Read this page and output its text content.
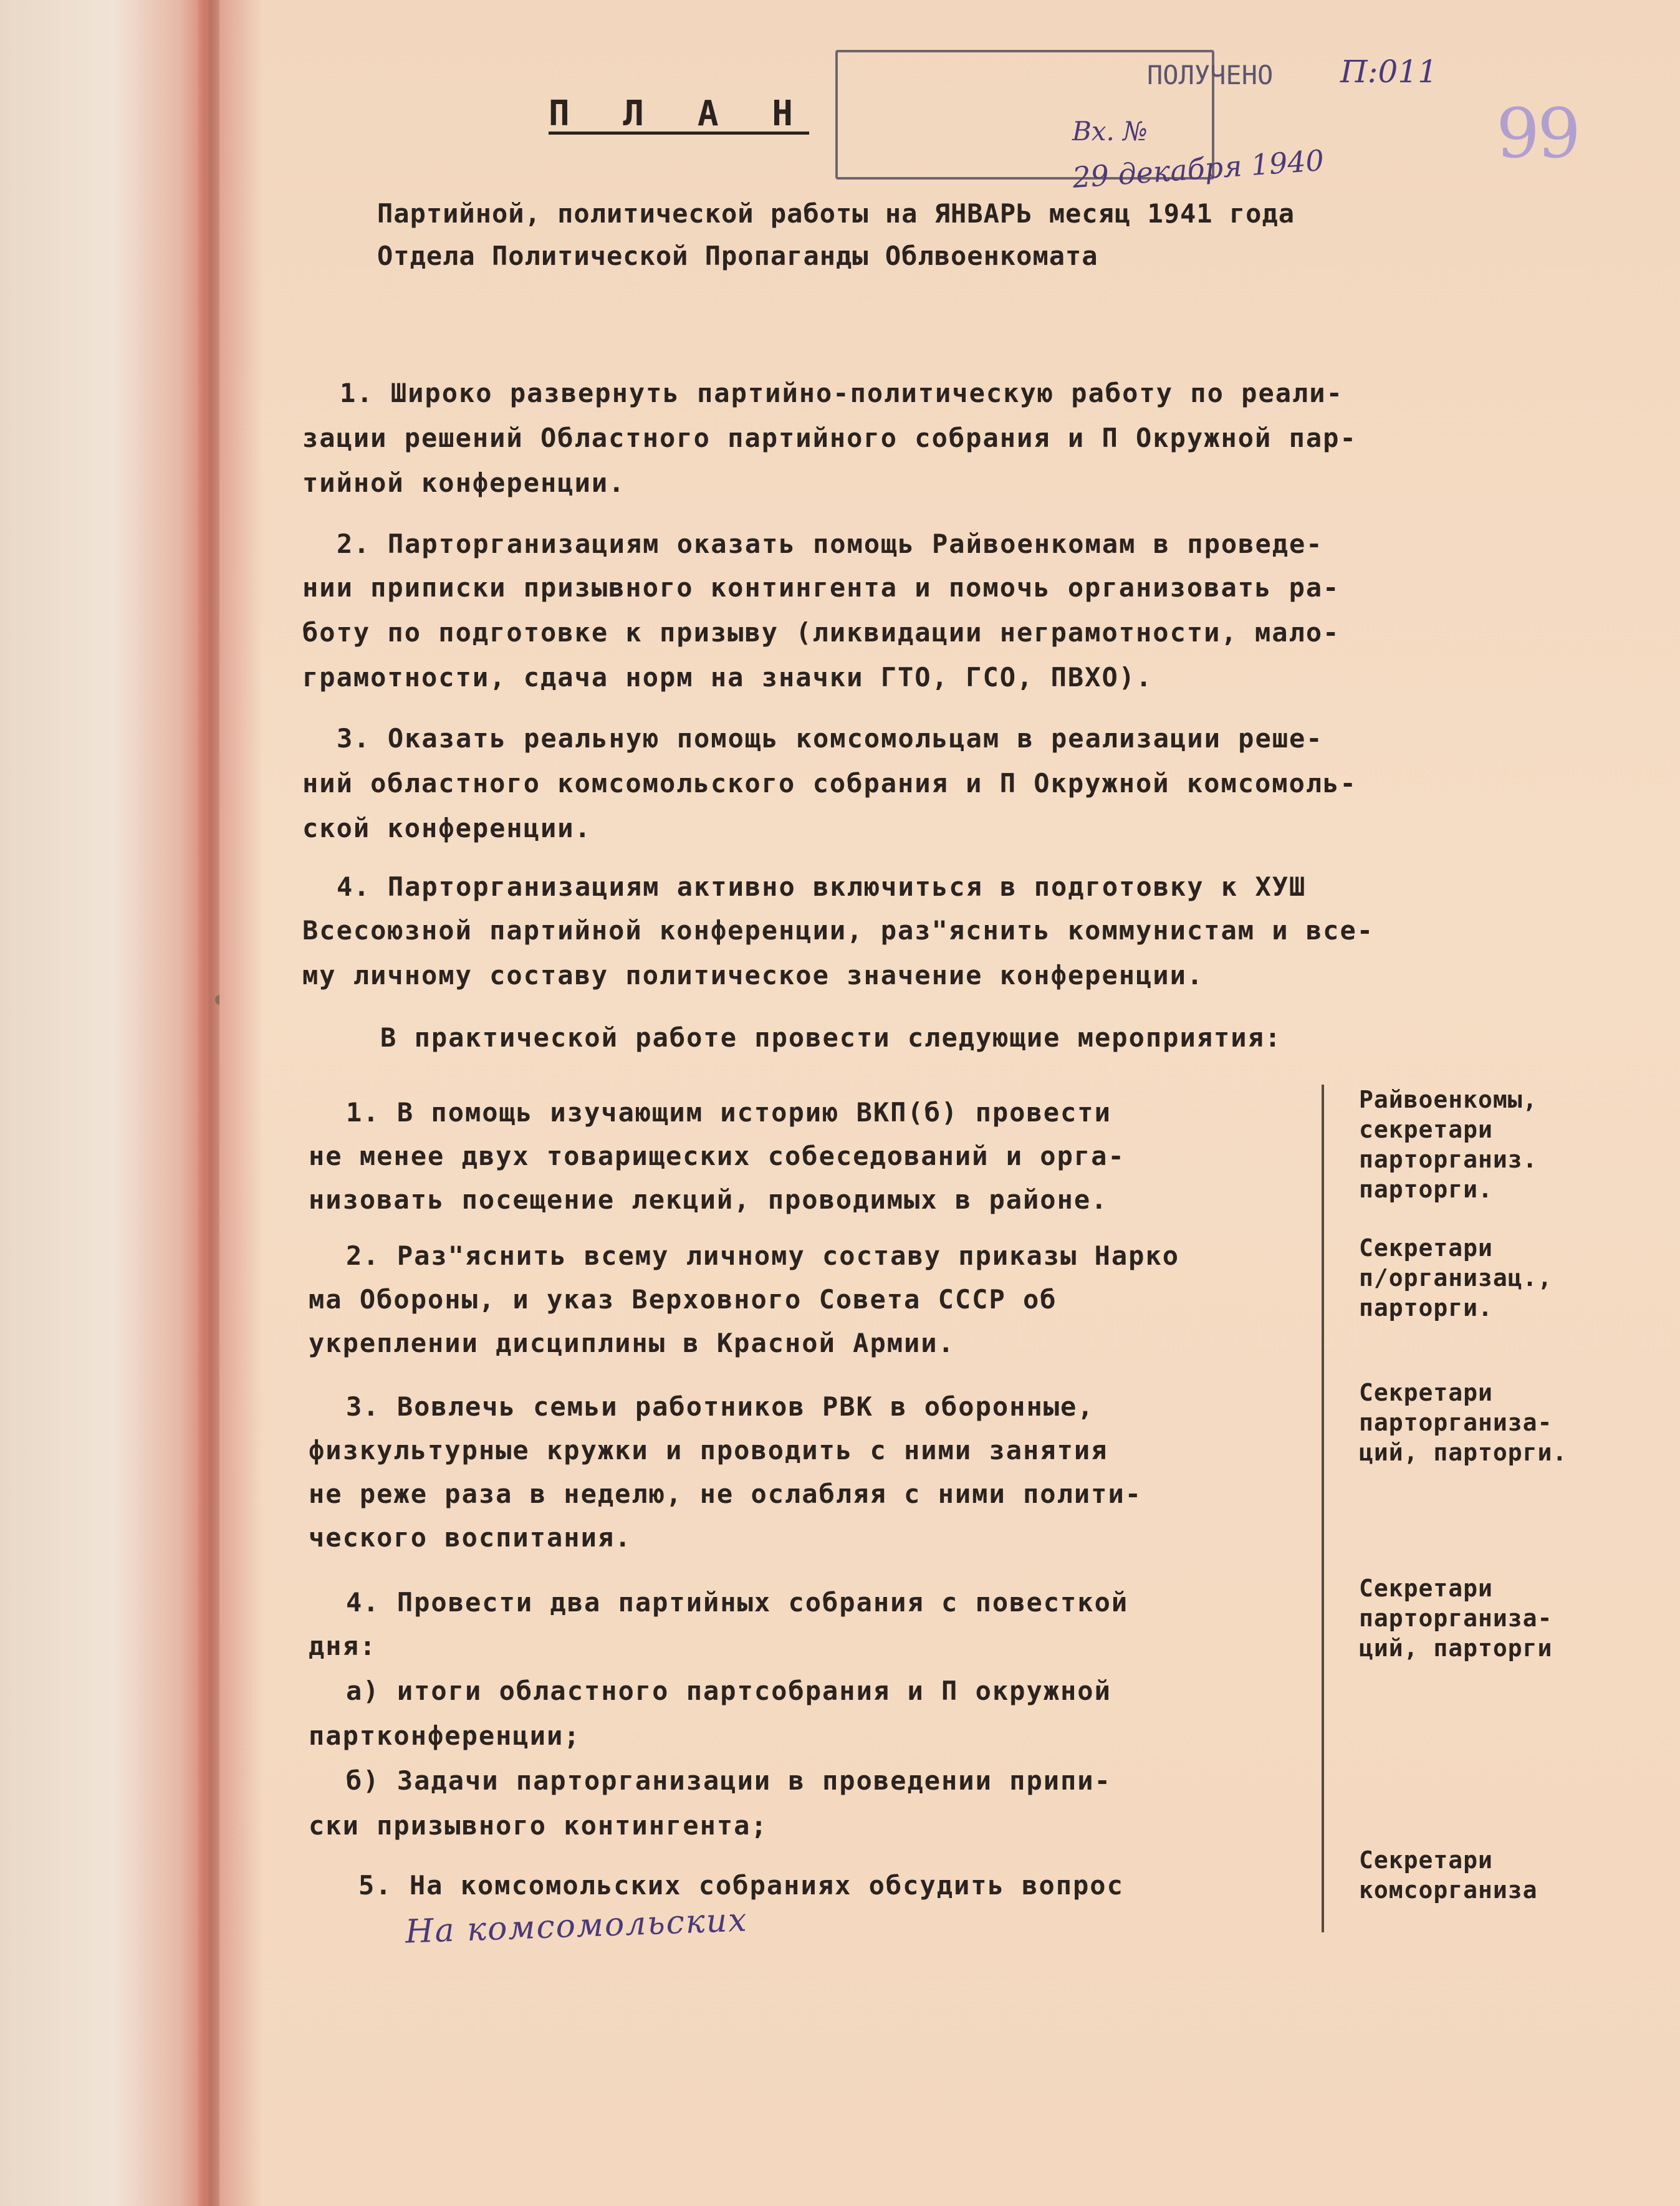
ПОЛУЧЕНО П:011
Вх. №
29 декабря 1940 99
П Л А Н
Партийной, политической работы на ЯНВАРЬ месяц 1941 года
Отдела Политической Пропаганды Облвоенкомата
1. Широко развернуть партийно-политическую работу по реали-
зации решений Областного партийного собрания и П Окружной пар-
тийной конференции.
2. Парторганизациям оказать помощь Райвоенкомам в проведе-
нии приписки призывного контингента и помочь организовать ра-
боту по подготовке к призыву (ликвидации неграмотности, мало-
грамотности, сдача норм на значки ГТО, ГСО, ПВХО).
3. Оказать реальную помощь комсомольцам в реализации реше-
ний областного комсомольского собрания и П Окружной комсомоль-
ской конференции.
4. Парторганизациям активно включиться в подготовку к ХУШ
Всесоюзной партийной конференции, раз"яснить коммунистам и все-
му личному составу политическое значение конференции.
В практической работе провести следующие мероприятия:
1. В помощь изучающим историю ВКП(б) провести
не менее двух товарищеских собеседований и орга-
низовать посещение лекций, проводимых в районе.
Райвоенкомы,
секретари
парторганиз.
парторги.
2. Раз"яснить всему личному составу приказы Нарко
ма Обороны, и указ Верховного Совета СССР об
укреплении дисциплины в Красной Армии.
Секретари
п/организац.,
парторги.
3. Вовлечь семьи работников РВК в оборонные,
физкультурные кружки и проводить с ними занятия
не реже раза в неделю, не ослабляя с ними полити-
ческого воспитания.
Секретари
парторганиза-
ций, парторги.
4. Провести два партийных собрания с повесткой
дня:
а) итоги областного партсобрания и П окружной
партконференции;
б) Задачи парторганизации в проведении припи-
ски призывного контингента;
Секретари
парторганиза-
ций, парторги
5. На комсомольских собраниях обсудить вопрос
Секретари
комсорганиза
На комсомольских
